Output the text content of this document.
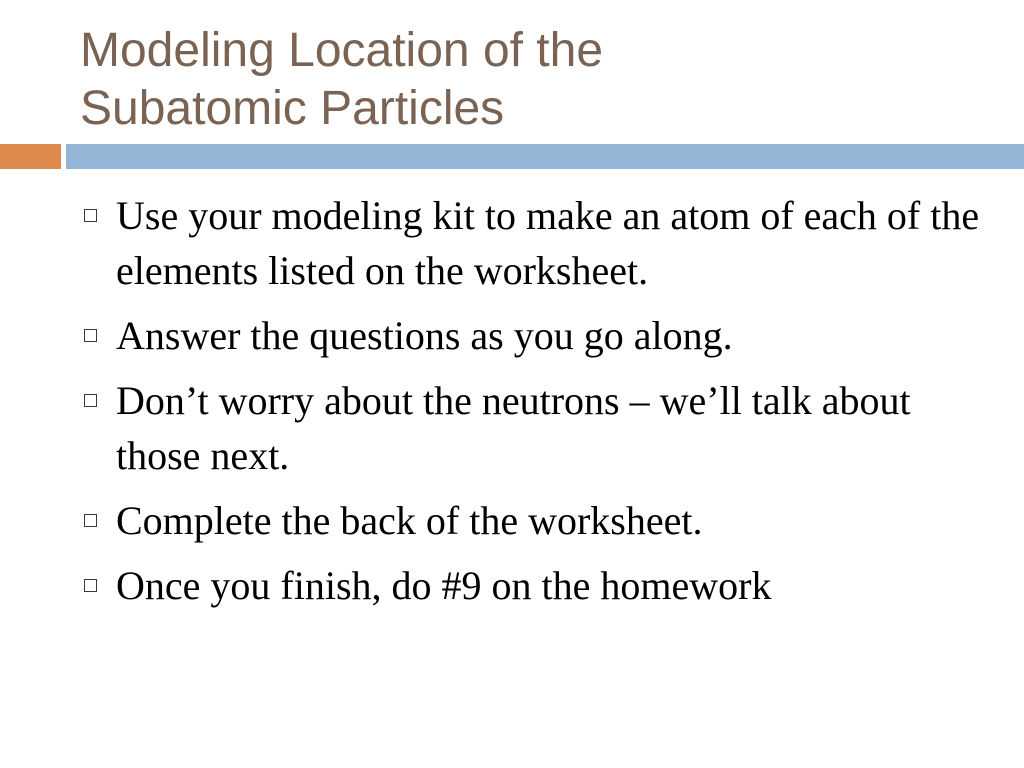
Modeling Location of the
Subatomic Particles
Use your modeling kit to make an atom of each of the elements listed on the worksheet.
Answer the questions as you go along.
Don’t worry about the neutrons – we’ll talk about those next.
Complete the back of the worksheet.
Once you finish, do #9 on the homework
